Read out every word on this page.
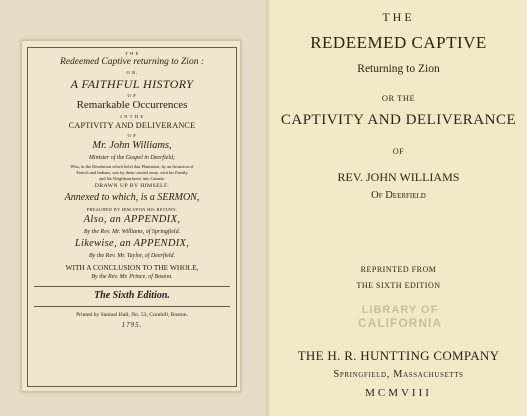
T H E
Redeemed Captive returning to Zion :
O R,
A FAITHFUL HISTORY
O F
Remarkable Occurrences
I N T H E
CAPTIVITY AND DELIVERANCE
O F
Mr. John Williams,
Minister of the Gospel in Deerfield;
Who, in the Desolation which befel that Plantation, by an Incursion of
French and Indians, was by them carried away, with his Family
and his Neighbourhood, into Canada.
DRAWN UP BY HIMSELF.
Annexed to which, is a SERMON,
PREACHED BY HIM UPON HIS RETURN.
Also, an APPENDIX,
By the Rev. Mr. Williams, of Springfield.
Likewise, an APPENDIX,
By the Rev. Mr. Taylor, of Deerfield.
WITH A CONCLUSION TO THE WHOLE,
By the Rev. Mr. Prince, of Boston.
The Sixth Edition.
Printed by Samuel Hall, No. 53, Cornhill, Boston.
1795.
THE
REDEEMED CAPTIVE
Returning to Zion
OR THE
CAPTIVITY AND DELIVERANCE
OF
REV. JOHN WILLIAMS
Of Deerfield
REPRINTED FROM
THE SIXTH EDITION
LIBRARY OF
CALIFORNIA
THE H. R. HUNTTING COMPANY
Springfield, Massachusetts
MCMVIII
